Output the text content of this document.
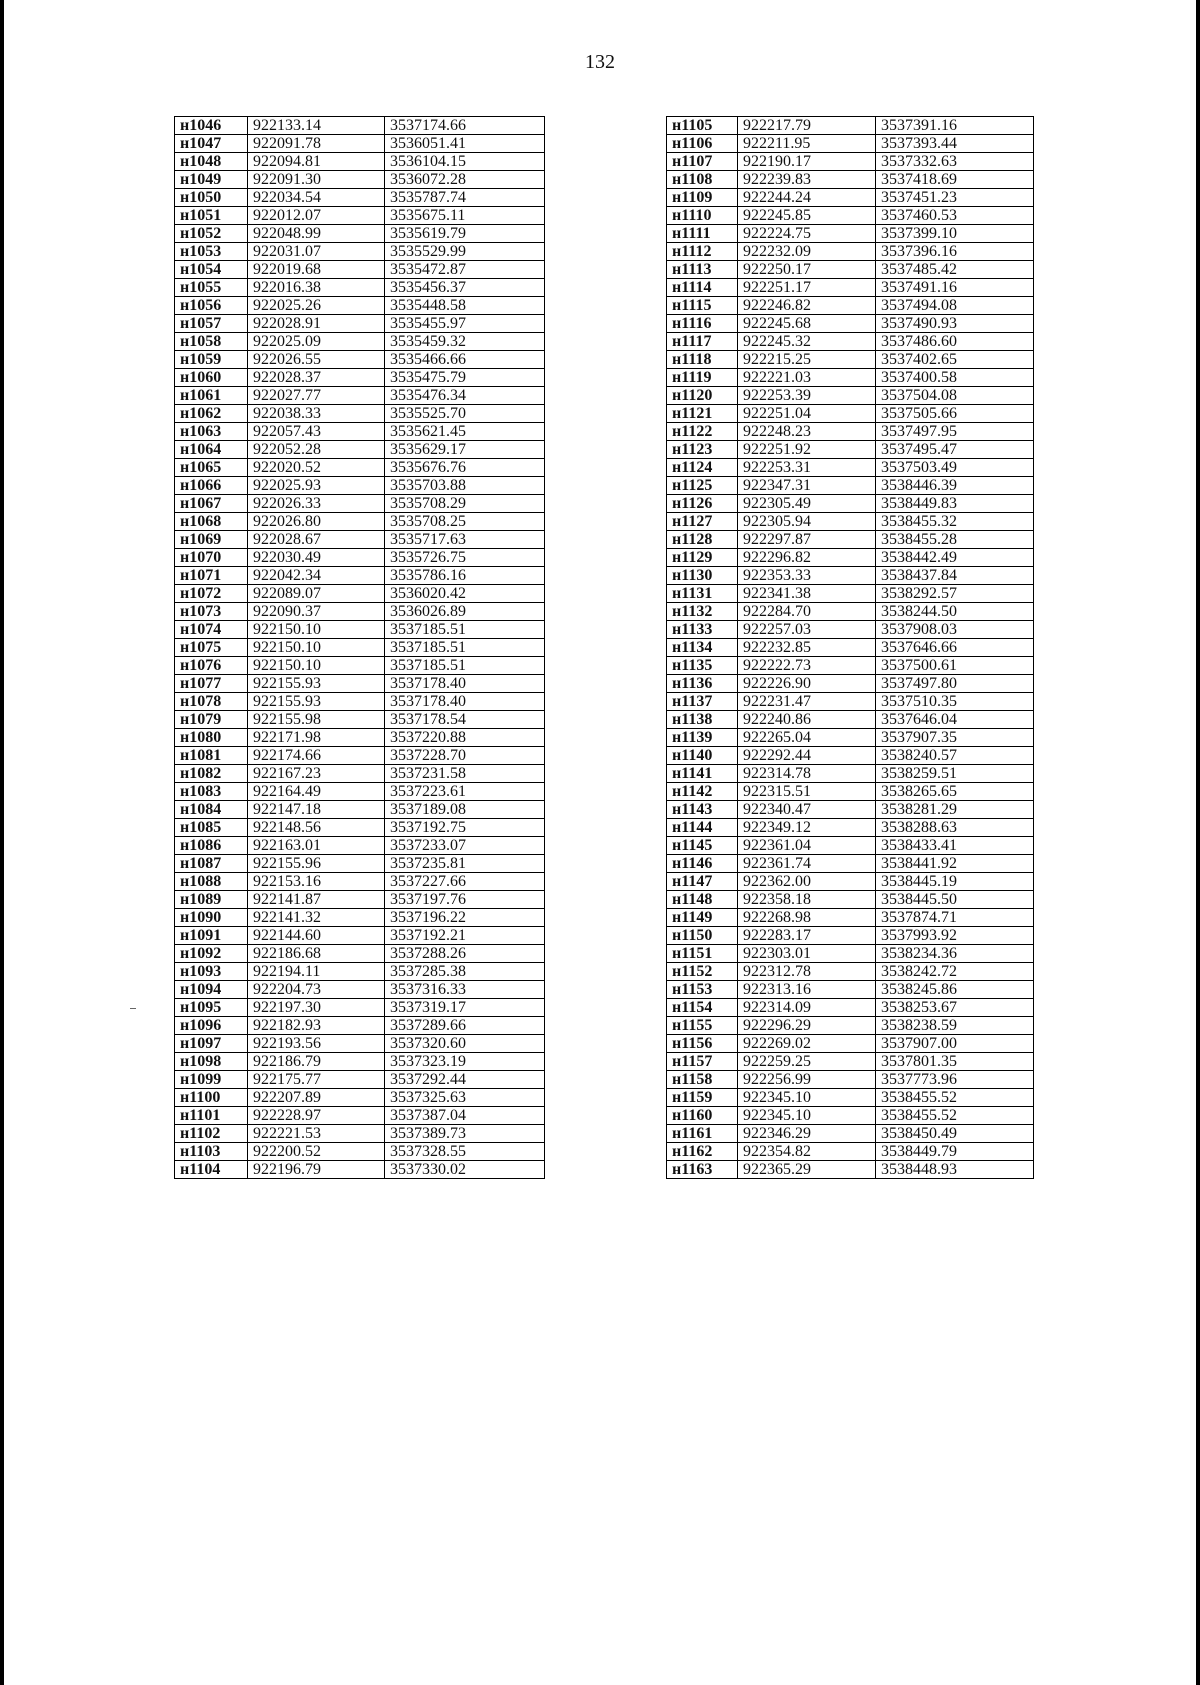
132
н1046	922133.14	3537174.66
н1047	922091.78	3536051.41
н1048	922094.81	3536104.15
н1049	922091.30	3536072.28
н1050	922034.54	3535787.74
н1051	922012.07	3535675.11
н1052	922048.99	3535619.79
н1053	922031.07	3535529.99
н1054	922019.68	3535472.87
н1055	922016.38	3535456.37
н1056	922025.26	3535448.58
н1057	922028.91	3535455.97
н1058	922025.09	3535459.32
н1059	922026.55	3535466.66
н1060	922028.37	3535475.79
н1061	922027.77	3535476.34
н1062	922038.33	3535525.70
н1063	922057.43	3535621.45
н1064	922052.28	3535629.17
н1065	922020.52	3535676.76
н1066	922025.93	3535703.88
н1067	922026.33	3535708.29
н1068	922026.80	3535708.25
н1069	922028.67	3535717.63
н1070	922030.49	3535726.75
н1071	922042.34	3535786.16
н1072	922089.07	3536020.42
н1073	922090.37	3536026.89
н1074	922150.10	3537185.51
н1075	922150.10	3537185.51
н1076	922150.10	3537185.51
н1077	922155.93	3537178.40
н1078	922155.93	3537178.40
н1079	922155.98	3537178.54
н1080	922171.98	3537220.88
н1081	922174.66	3537228.70
н1082	922167.23	3537231.58
н1083	922164.49	3537223.61
н1084	922147.18	3537189.08
н1085	922148.56	3537192.75
н1086	922163.01	3537233.07
н1087	922155.96	3537235.81
н1088	922153.16	3537227.66
н1089	922141.87	3537197.76
н1090	922141.32	3537196.22
н1091	922144.60	3537192.21
н1092	922186.68	3537288.26
н1093	922194.11	3537285.38
н1094	922204.73	3537316.33
н1095	922197.30	3537319.17
н1096	922182.93	3537289.66
н1097	922193.56	3537320.60
н1098	922186.79	3537323.19
н1099	922175.77	3537292.44
н1100	922207.89	3537325.63
н1101	922228.97	3537387.04
н1102	922221.53	3537389.73
н1103	922200.52	3537328.55
н1104	922196.79	3537330.02
н1105	922217.79	3537391.16
н1106	922211.95	3537393.44
н1107	922190.17	3537332.63
н1108	922239.83	3537418.69
н1109	922244.24	3537451.23
н1110	922245.85	3537460.53
н1111	922224.75	3537399.10
н1112	922232.09	3537396.16
н1113	922250.17	3537485.42
н1114	922251.17	3537491.16
н1115	922246.82	3537494.08
н1116	922245.68	3537490.93
н1117	922245.32	3537486.60
н1118	922215.25	3537402.65
н1119	922221.03	3537400.58
н1120	922253.39	3537504.08
н1121	922251.04	3537505.66
н1122	922248.23	3537497.95
н1123	922251.92	3537495.47
н1124	922253.31	3537503.49
н1125	922347.31	3538446.39
н1126	922305.49	3538449.83
н1127	922305.94	3538455.32
н1128	922297.87	3538455.28
н1129	922296.82	3538442.49
н1130	922353.33	3538437.84
н1131	922341.38	3538292.57
н1132	922284.70	3538244.50
н1133	922257.03	3537908.03
н1134	922232.85	3537646.66
н1135	922222.73	3537500.61
н1136	922226.90	3537497.80
н1137	922231.47	3537510.35
н1138	922240.86	3537646.04
н1139	922265.04	3537907.35
н1140	922292.44	3538240.57
н1141	922314.78	3538259.51
н1142	922315.51	3538265.65
н1143	922340.47	3538281.29
н1144	922349.12	3538288.63
н1145	922361.04	3538433.41
н1146	922361.74	3538441.92
н1147	922362.00	3538445.19
н1148	922358.18	3538445.50
н1149	922268.98	3537874.71
н1150	922283.17	3537993.92
н1151	922303.01	3538234.36
н1152	922312.78	3538242.72
н1153	922313.16	3538245.86
н1154	922314.09	3538253.67
н1155	922296.29	3538238.59
н1156	922269.02	3537907.00
н1157	922259.25	3537801.35
н1158	922256.99	3537773.96
н1159	922345.10	3538455.52
н1160	922345.10	3538455.52
н1161	922346.29	3538450.49
н1162	922354.82	3538449.79
н1163	922365.29	3538448.93
